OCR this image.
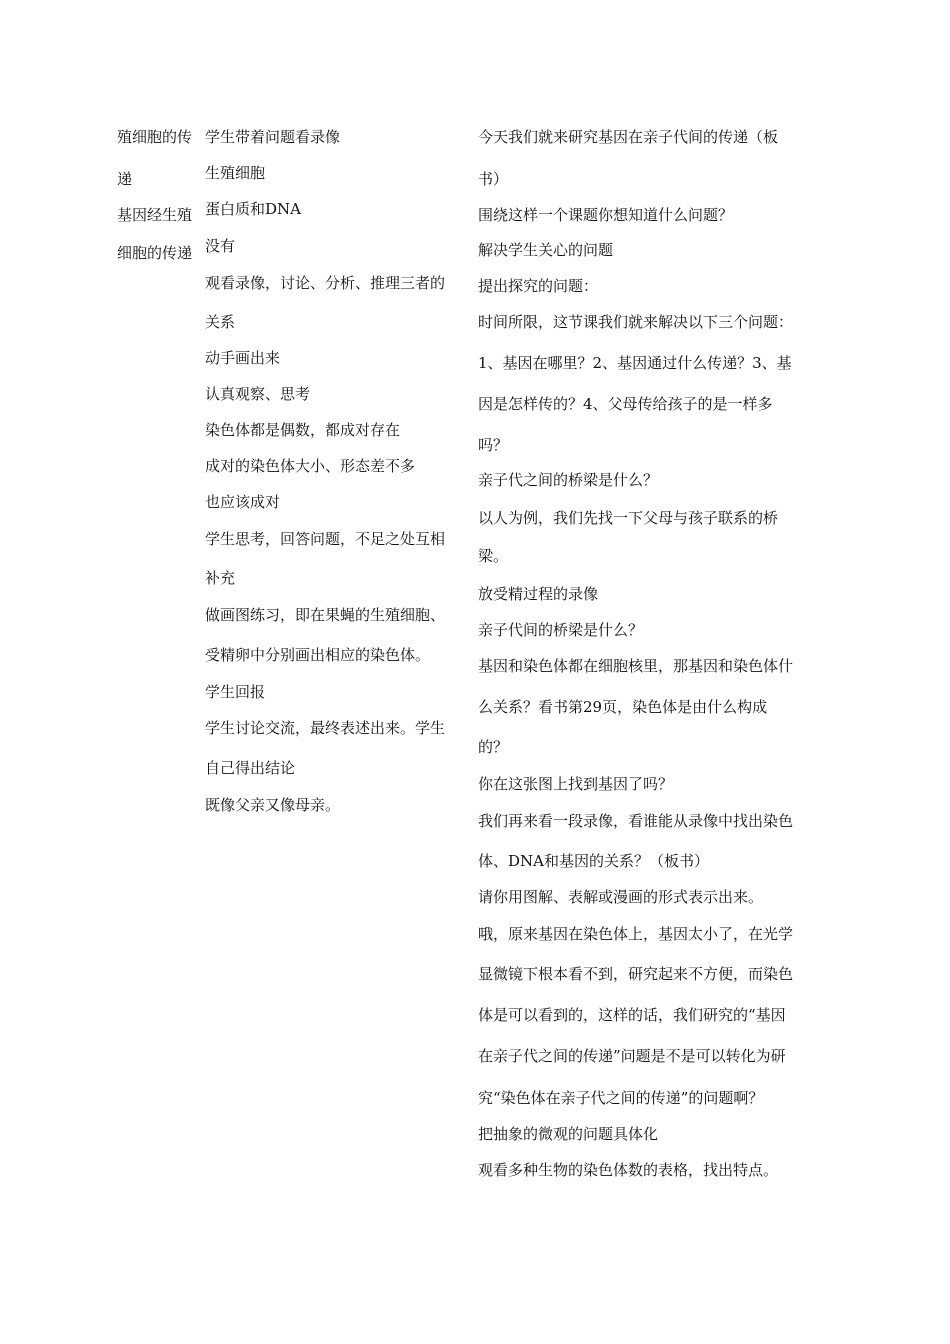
殖细胞的传

递

基因经生殖

细胞的传递

学生带着问题看录像

生殖细胞

蛋白质和DNA

没有

观看录像，讨论、分析、推理三者的

关系

动手画出来

认真观察、思考

染色体都是偶数，都成对存在

成对的染色体大小、形态差不多

也应该成对

学生思考，回答问题，不足之处互相

补充

做画图练习，即在果蝇的生殖细胞、

受精卵中分别画出相应的染色体。

学生回报

学生讨论交流，最终表述出来。学生

自己得出结论

既像父亲又像母亲。

今天我们就来研究基因在亲子代间的传递（板

书）

围绕这样一个课题你想知道什么问题？

解决学生关心的问题

提出探究的问题：

时间所限，这节课我们就来解决以下三个问题：

1、基因在哪里？2、基因通过什么传递？3、基

因是怎样传的？4、父母传给孩子的是一样多

吗？

亲子代之间的桥梁是什么？

以人为例，我们先找一下父母与孩子联系的桥

梁。

放受精过程的录像

亲子代间的桥梁是什么？

基因和染色体都在细胞核里，那基因和染色体什

么关系？看书第29页，染色体是由什么构成

的？

你在这张图上找到基因了吗？

我们再来看一段录像，看谁能从录像中找出染色

体、DNA和基因的关系？（板书）

请你用图解、表解或漫画的形式表示出来。

哦，原来基因在染色体上，基因太小了，在光学

显微镜下根本看不到，研究起来不方便，而染色

体是可以看到的，这样的话，我们研究的“基因

在亲子代之间的传递”问题是不是可以转化为研

究“染色体在亲子代之间的传递”的问题啊？

把抽象的微观的问题具体化

观看多种生物的染色体数的表格，找出特点。
